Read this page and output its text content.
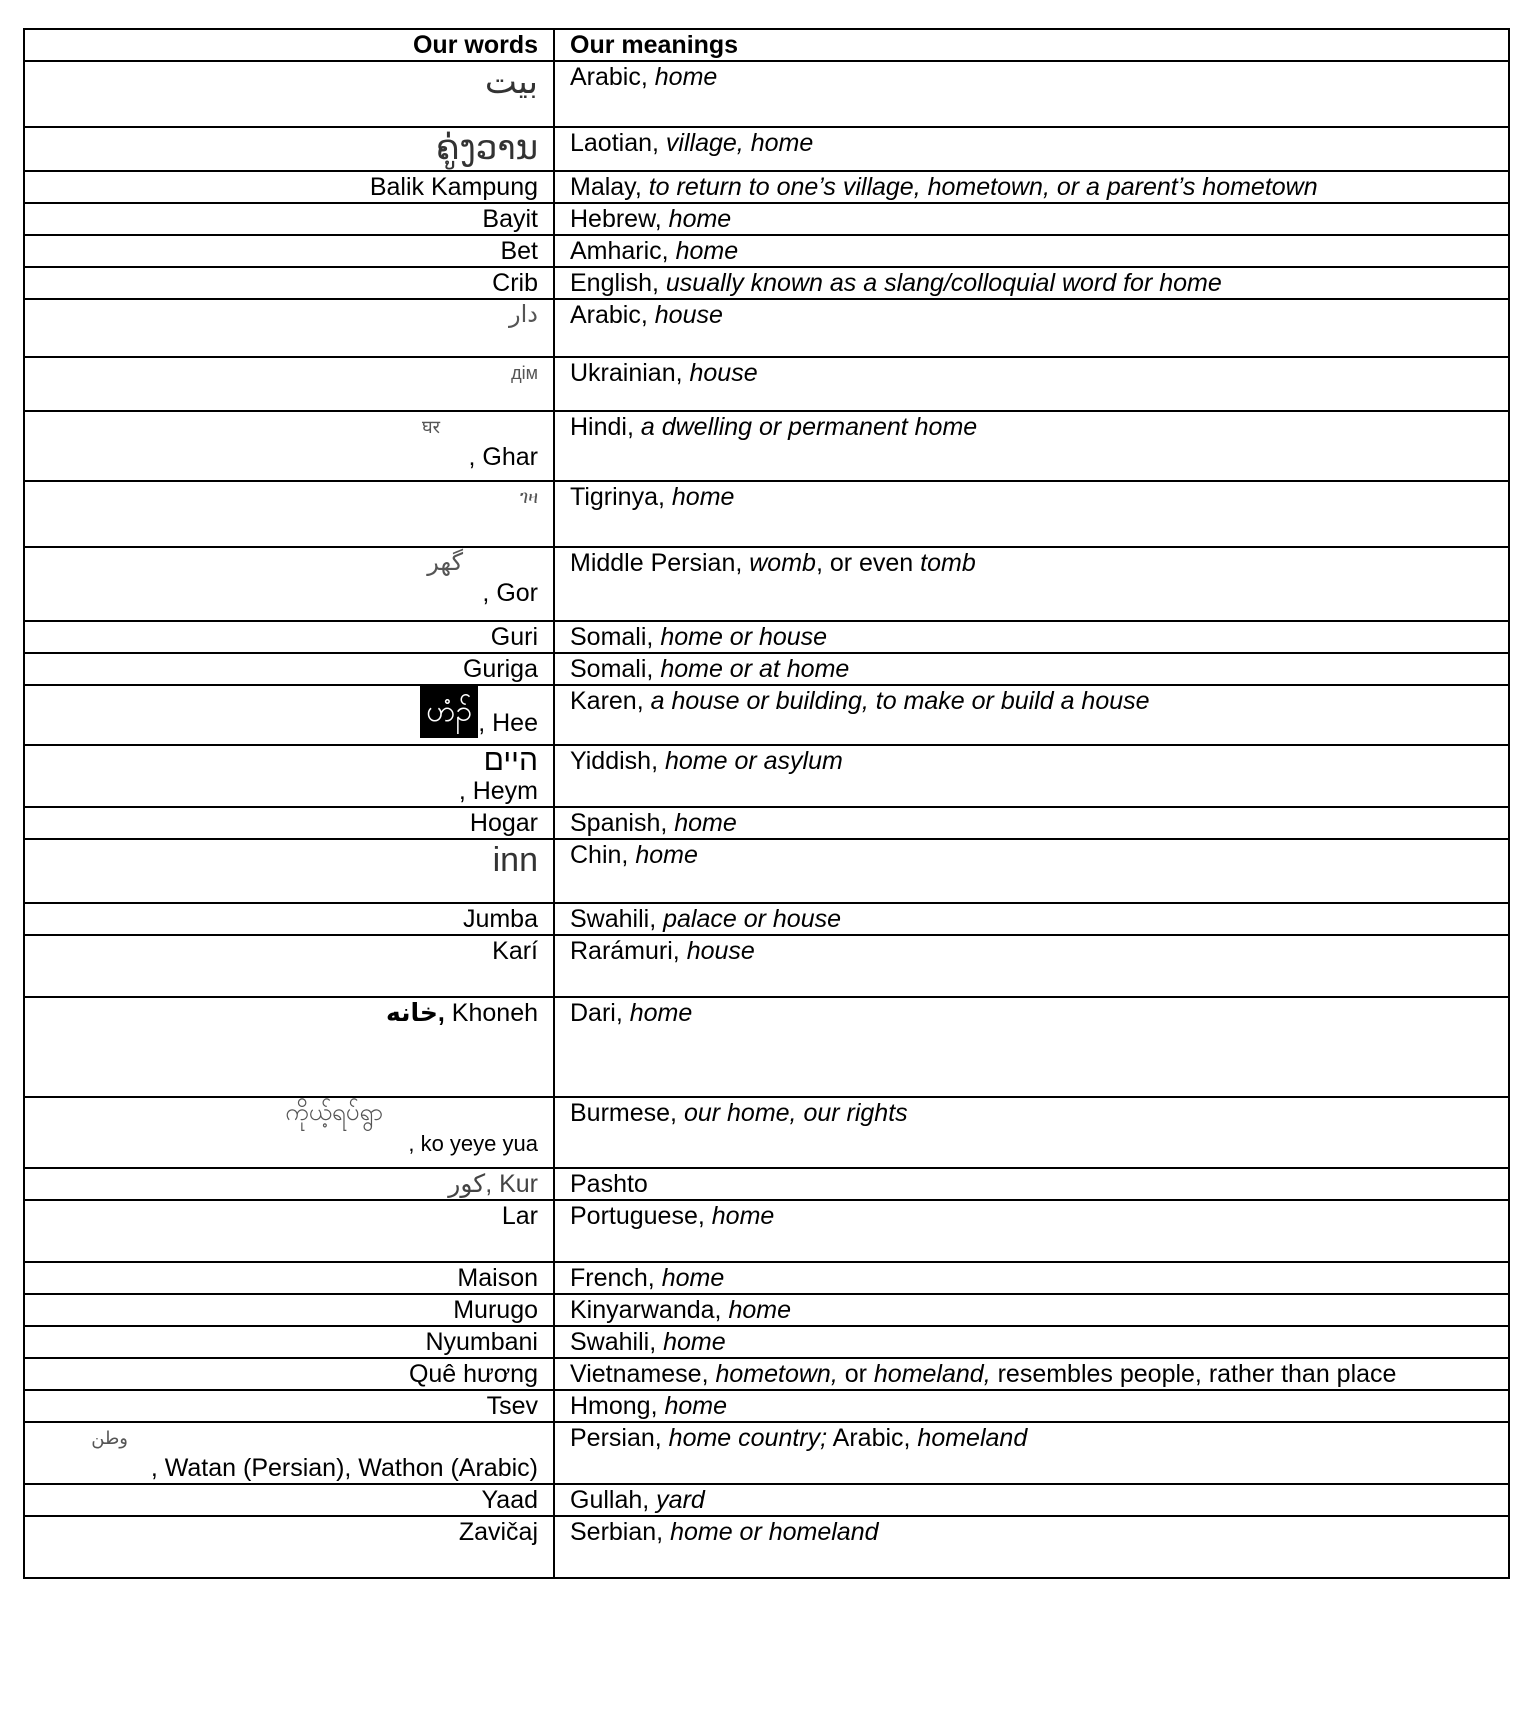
Our words	Our meanings

بيت	Arabic, home

ຄູ່ງວານ	Laotian, village, home

Balik Kampung	Malay, to return to one’s village, hometown, or a parent’s hometown

Bayit	Hebrew, home

Bet	Amharic, home

Crib	English, usually known as a slang/colloquial word for home

دار	Arabic, house

дім	Ukrainian, house

घर
, Ghar	Hindi, a dwelling or permanent home

ገዛ	Tigrinya, home

گهر
, Gor	Middle Persian, womb, or even tomb

Guri	Somali, home or house

Guriga	Somali, home or at home

ဟံၣ် , Hee	Karen, a house or building, to make or build a house

היים
, Heym	Yiddish, home or asylum

Hogar	Spanish, home

inn	Chin, home

Jumba	Swahili, palace or house

Karí	Rarámuri, house

خانه, Khoneh	Dari, home

ကိုယ့်ရပ်ရွာ
, ko yeye yua	Burmese, our home, our rights

کور, Kur	Pashto

Lar	Portuguese, home

Maison	French, home

Murugo	Kinyarwanda, home

Nyumbani	Swahili, home

Quê hương	Vietnamese, hometown, or homeland, resembles people, rather than place

Tsev	Hmong, home

وطن
, Watan (Persian), Wathon (Arabic)	Persian, home country; Arabic, homeland

Yaad	Gullah, yard

Zavičaj	Serbian, home or homeland
